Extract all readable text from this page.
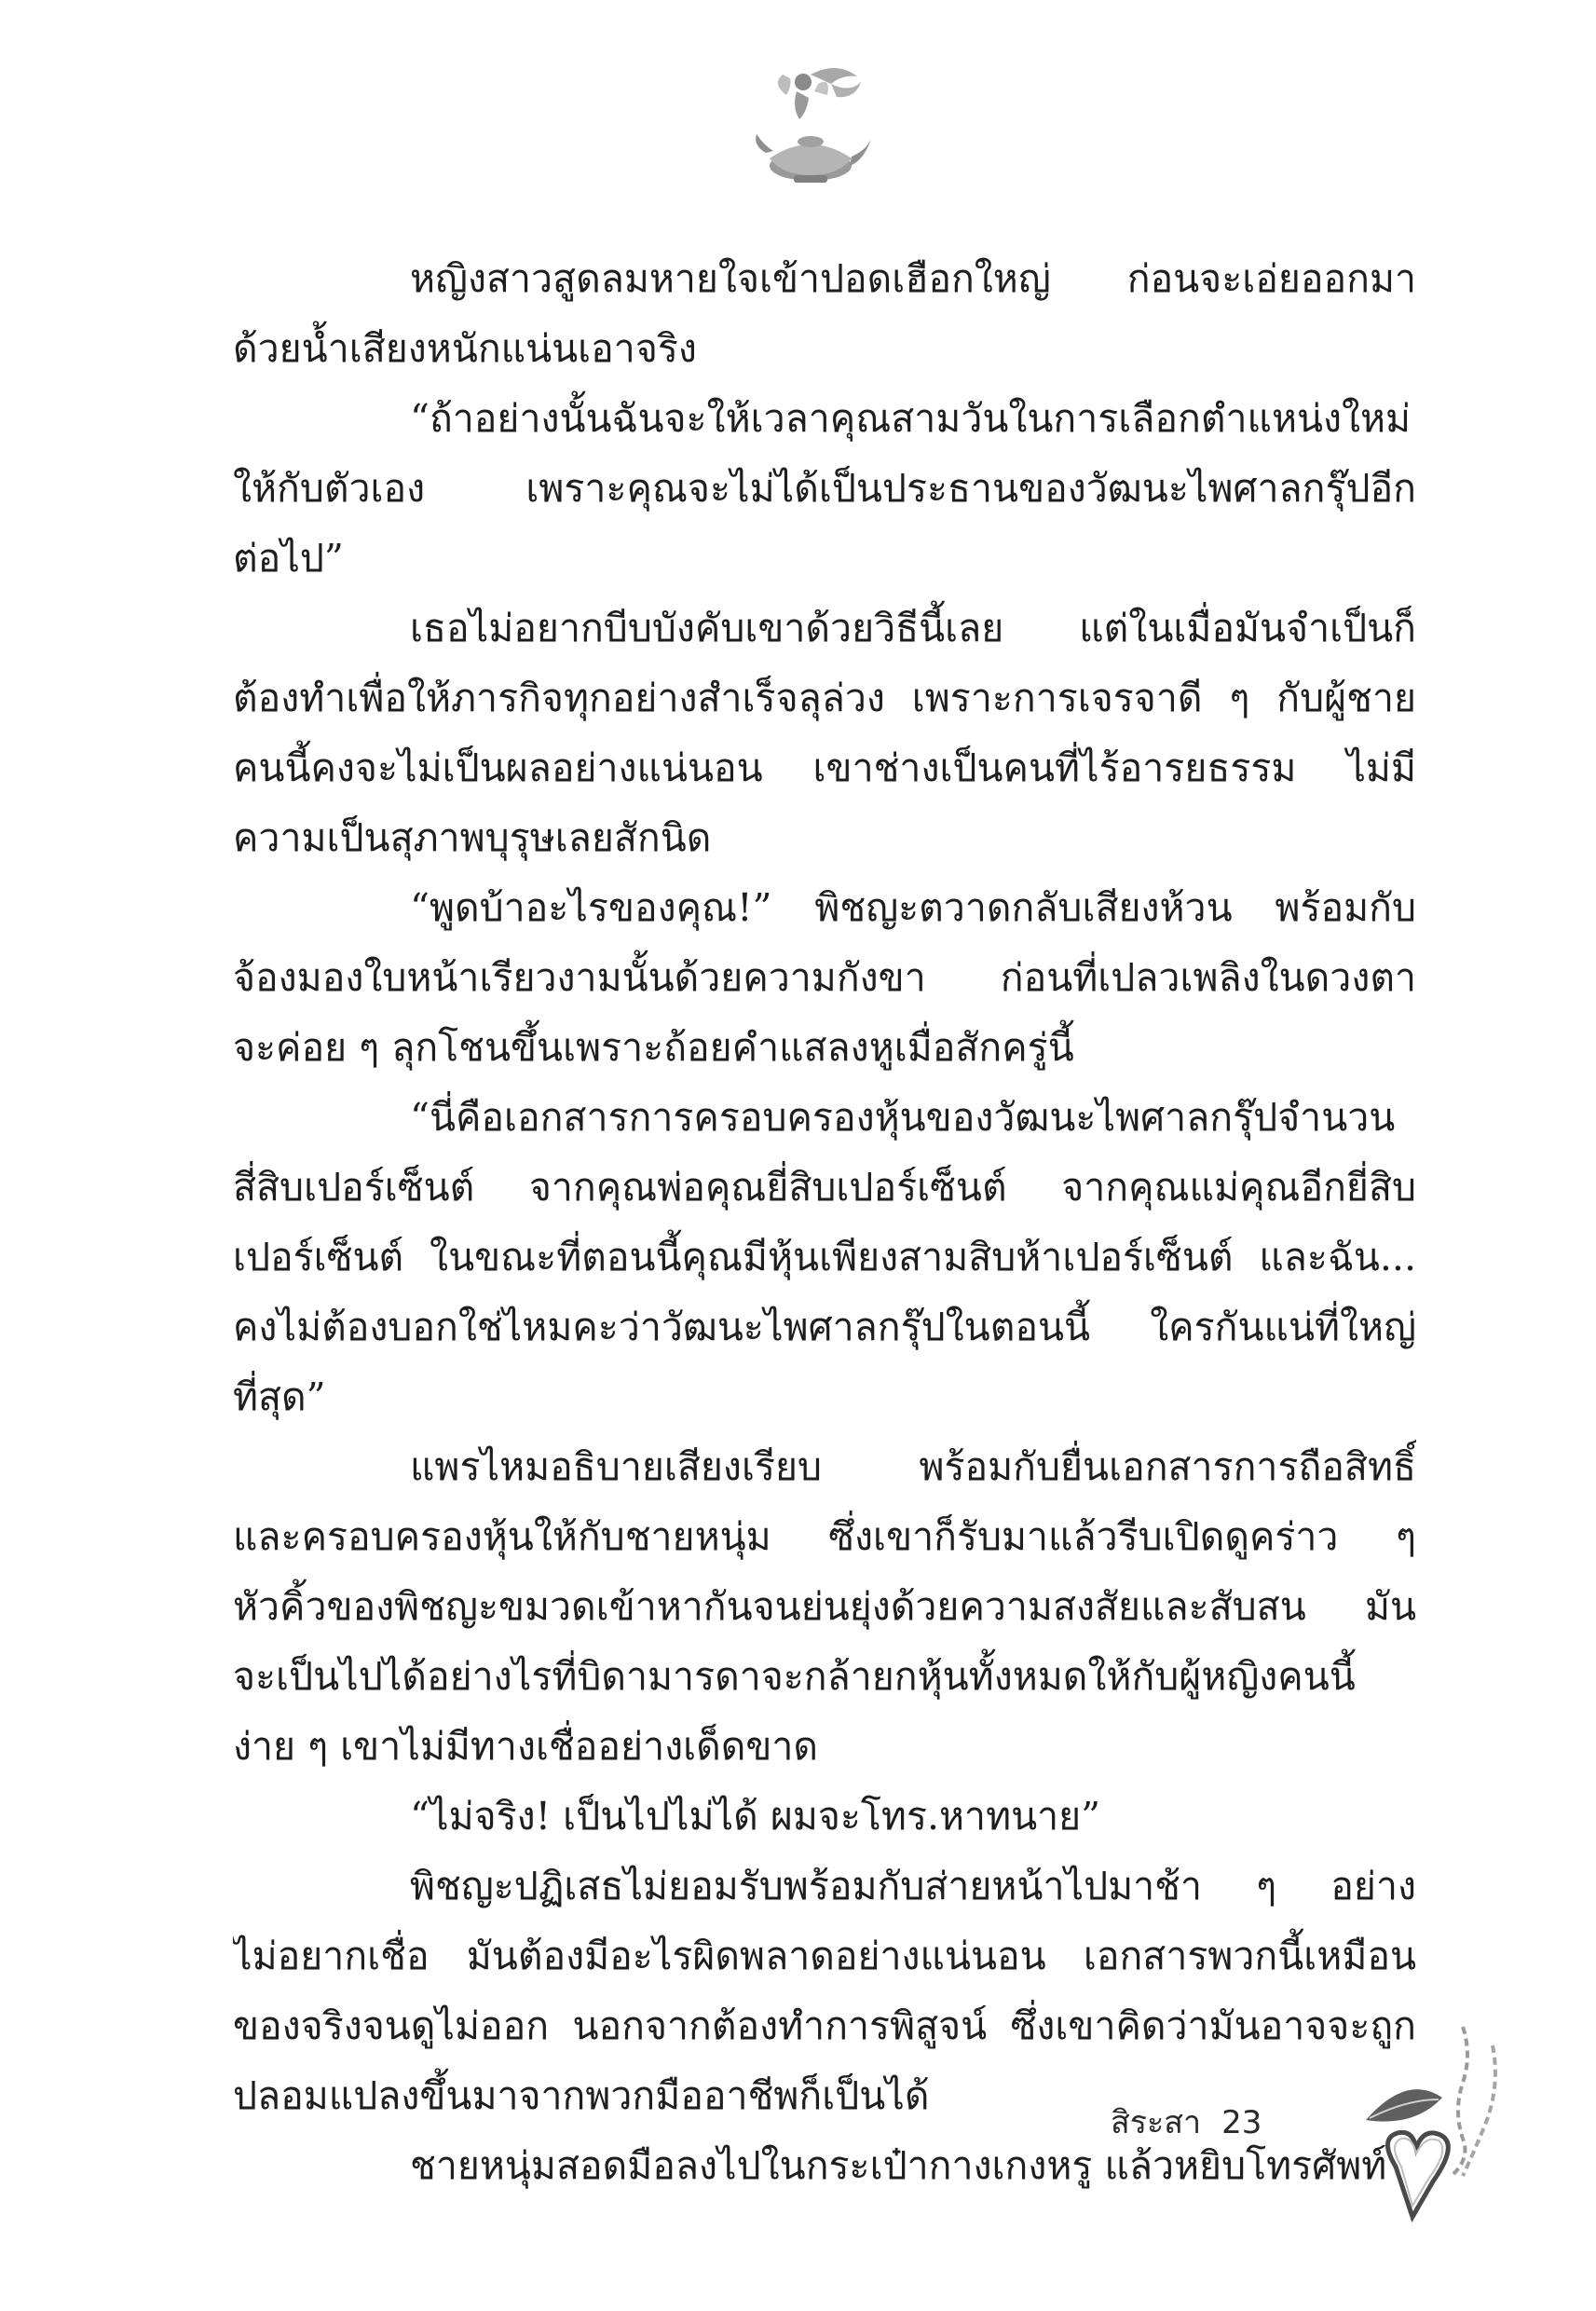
หญิงสาวสูดลมหายใจเข้าปอดเฮือกใหญ่ ก่อนจะเอ่ยออกมา
ด้วยน้ำเสียงหนักแน่นเอาจริง
“ถ้าอย่างนั้นฉันจะให้เวลาคุณสามวันในการเลือกตำแหน่งใหม่
ให้กับตัวเอง เพราะคุณจะไม่ได้เป็นประธานของวัฒนะไพศาลกรุ๊ปอีก
ต่อไป”
เธอไม่อยากบีบบังคับเขาด้วยวิธีนี้เลย แต่ในเมื่อมันจำเป็นก็
ต้องทำเพื่อให้ภารกิจทุกอย่างสำเร็จลุล่วง เพราะการเจรจาดี ๆ กับผู้ชาย
คนนี้คงจะไม่เป็นผลอย่างแน่นอน เขาช่างเป็นคนที่ไร้อารยธรรม ไม่มี
ความเป็นสุภาพบุรุษเลยสักนิด
“พูดบ้าอะไรของคุณ!” พิชญะตวาดกลับเสียงห้วน พร้อมกับ
จ้องมองใบหน้าเรียวงามนั้นด้วยความกังขา ก่อนที่เปลวเพลิงในดวงตา
จะค่อย ๆ ลุกโชนขึ้นเพราะถ้อยคำแสลงหูเมื่อสักครู่นี้
“นี่คือเอกสารการครอบครองหุ้นของวัฒนะไพศาลกรุ๊ปจำนวน
สี่สิบเปอร์เซ็นต์ จากคุณพ่อคุณยี่สิบเปอร์เซ็นต์ จากคุณแม่คุณอีกยี่สิบ
เปอร์เซ็นต์ ในขณะที่ตอนนี้คุณมีหุ้นเพียงสามสิบห้าเปอร์เซ็นต์ และฉัน...
คงไม่ต้องบอกใช่ไหมคะว่าวัฒนะไพศาลกรุ๊ปในตอนนี้ ใครกันแน่ที่ใหญ่
ที่สุด”
แพรไหมอธิบายเสียงเรียบ พร้อมกับยื่นเอกสารการถือสิทธิ์
และครอบครองหุ้นให้กับชายหนุ่ม ซึ่งเขาก็รับมาแล้วรีบเปิดดูคร่าว ๆ
หัวคิ้วของพิชญะขมวดเข้าหากันจนย่นยุ่งด้วยความสงสัยและสับสน มัน
จะเป็นไปได้อย่างไรที่บิดามารดาจะกล้ายกหุ้นทั้งหมดให้กับผู้หญิงคนนี้
ง่าย ๆ เขาไม่มีทางเชื่ออย่างเด็ดขาด
“ไม่จริง! เป็นไปไม่ได้ ผมจะโทร.หาทนาย”
พิชญะปฏิเสธไม่ยอมรับพร้อมกับส่ายหน้าไปมาช้า ๆ อย่าง
ไม่อยากเชื่อ มันต้องมีอะไรผิดพลาดอย่างแน่นอน เอกสารพวกนี้เหมือน
ของจริงจนดูไม่ออก นอกจากต้องทำการพิสูจน์ ซึ่งเขาคิดว่ามันอาจจะถูก
ปลอมแปลงขึ้นมาจากพวกมืออาชีพก็เป็นได้
ชายหนุ่มสอดมือลงไปในกระเป๋ากางเกงหรู แล้วหยิบโทรศัพท์
สิระสา 23
